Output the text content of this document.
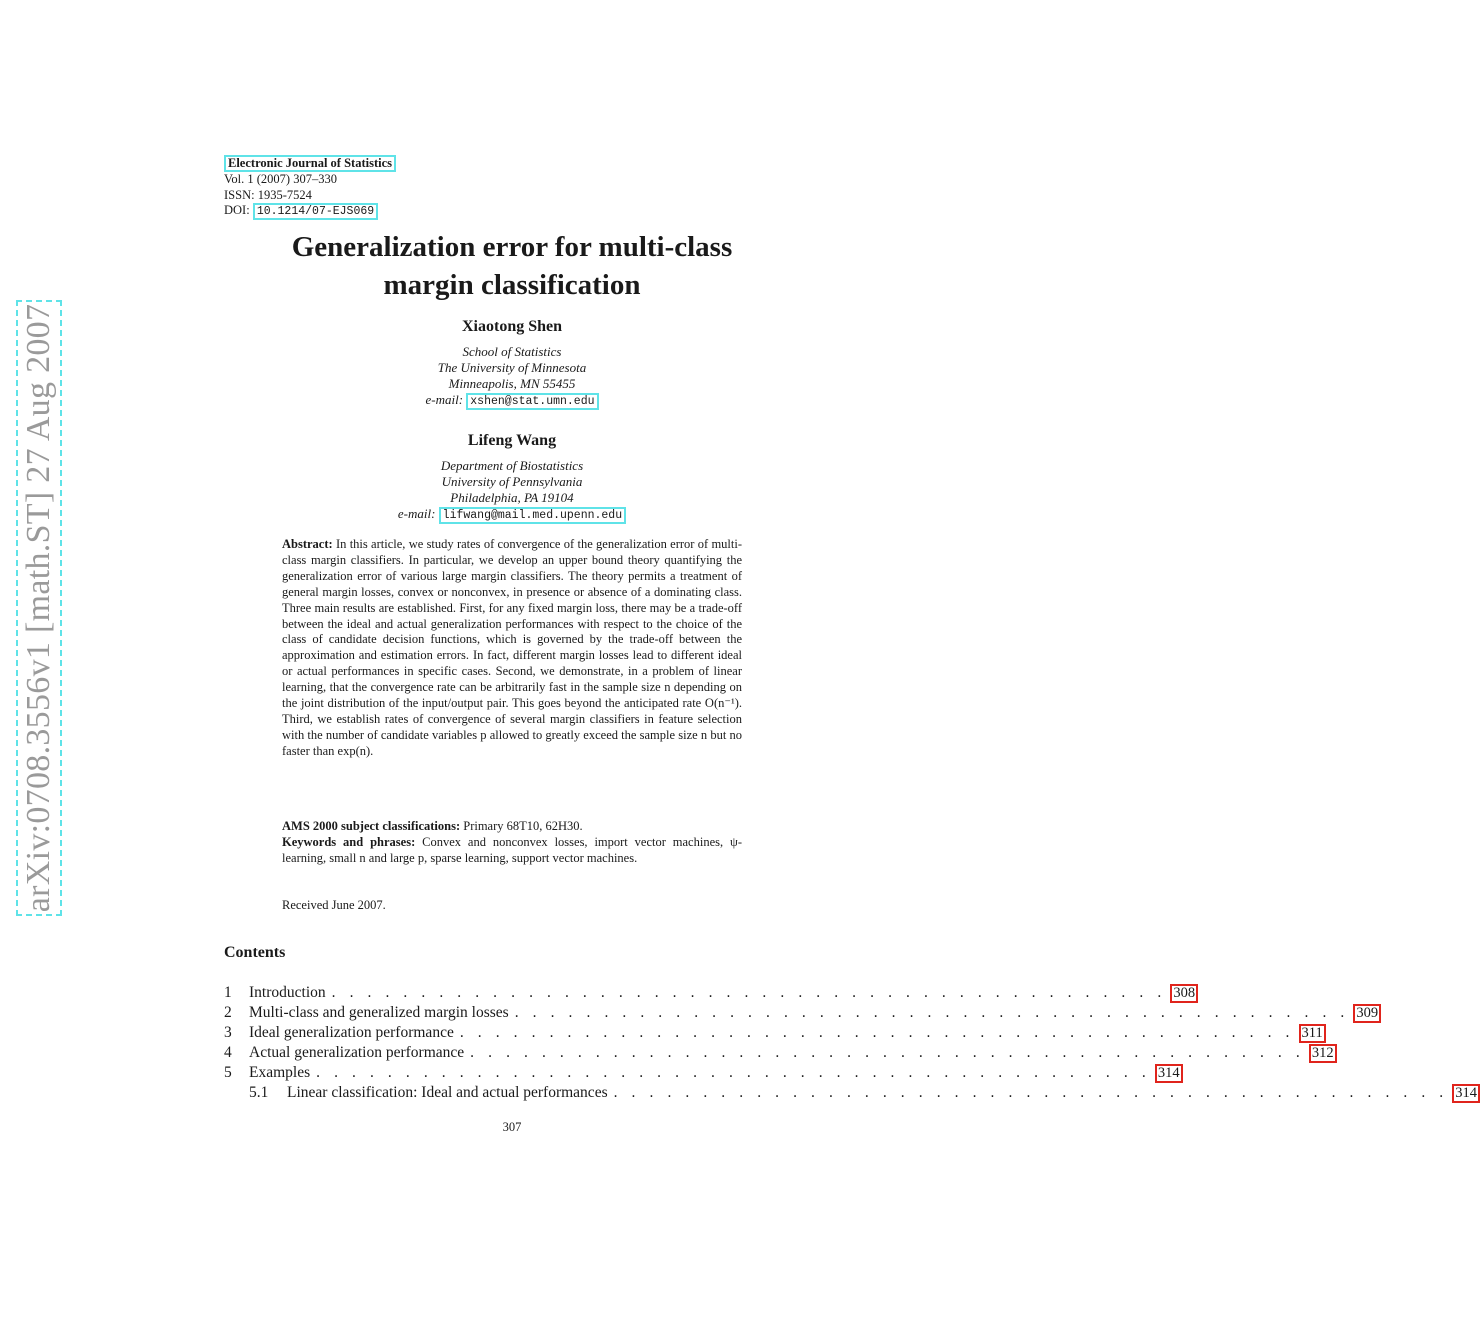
arXiv:0708.3556v1 [math.ST] 27 Aug 2007
Electronic Journal of Statistics
Vol. 1 (2007) 307–330
ISSN: 1935-7524
DOI: 10.1214/07-EJS069
Generalization error for multi-class
margin classification
Xiaotong Shen
School of Statistics
The University of Minnesota
Minneapolis, MN 55455
e-mail: xshen@stat.umn.edu
Lifeng Wang
Department of Biostatistics
University of Pennsylvania
Philadelphia, PA 19104
e-mail: lifwang@mail.med.upenn.edu
Abstract: In this article, we study rates of convergence of the generalization error of multi-class margin classifiers. In particular, we develop an upper bound theory quantifying the generalization error of various large margin classifiers. The theory permits a treatment of general margin losses, convex or nonconvex, in presence or absence of a dominating class. Three main results are established. First, for any fixed margin loss, there may be a trade-off between the ideal and actual generalization performances with respect to the choice of the class of candidate decision functions, which is governed by the trade-off between the approximation and estimation errors. In fact, different margin losses lead to different ideal or actual performances in specific cases. Second, we demonstrate, in a problem of linear learning, that the convergence rate can be arbitrarily fast in the sample size n depending on the joint distribution of the input/output pair. This goes beyond the anticipated rate O(n⁻¹). Third, we establish rates of convergence of several margin classifiers in feature selection with the number of candidate variables p allowed to greatly exceed the sample size n but no faster than exp(n).
AMS 2000 subject classifications: Primary 68T10, 62H30.
Keywords and phrases: Convex and nonconvex losses, import vector machines, ψ-learning, small n and large p, sparse learning, support vector machines.
Received June 2007.
Contents
1	Introduction . . . . . . . . . . . . . . . . . . . . . . . . . . . . . . . . . . . . . . . . . . . . . . . 308
2	Multi-class and generalized margin losses . . . . . . . . . . . . . . . . . . . . . . . . . . . . . . . . . . . . . . . . . . . . . . . 309
3	Ideal generalization performance . . . . . . . . . . . . . . . . . . . . . . . . . . . . . . . . . . . . . . . . . . . . . . . 311
4	Actual generalization performance . . . . . . . . . . . . . . . . . . . . . . . . . . . . . . . . . . . . . . . . . . . . . . . 312
5	Examples . . . . . . . . . . . . . . . . . . . . . . . . . . . . . . . . . . . . . . . . . . . . . . . 314
5.1	Linear classification: Ideal and actual performances . . . . . . . . . . . . . . . . . . . . . . . . . . . . . . . . . . . . . . . . . . . . . . . 314
307
